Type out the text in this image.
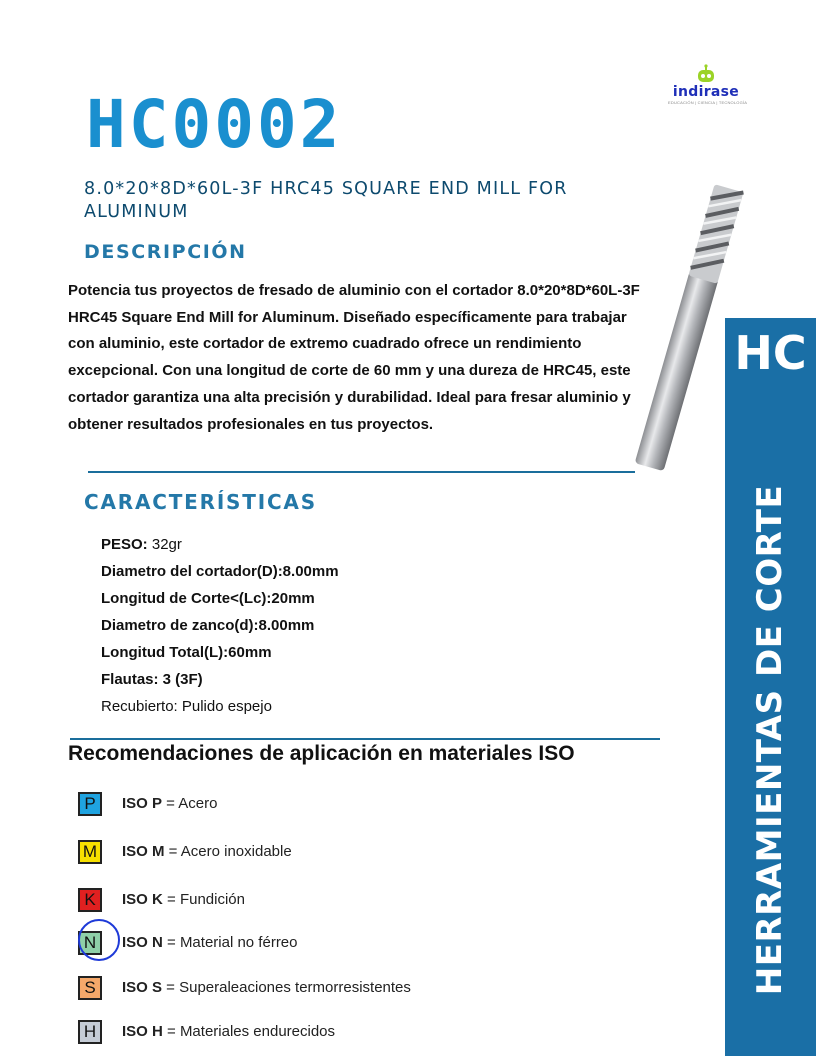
indirase
EDUCACIÓN | CIENCIA | TECNOLOGÍA
HC0002
8.0*20*8D*60L-3F HRC45 SQUARE END MILL FOR ALUMINUM
DESCRIPCIÓN

Potencia tus proyectos de fresado de aluminio con el cortador 8.0*20*8D*60L-3F HRC45 Square End Mill for Aluminum. Diseñado específicamente para trabajar con aluminio, este cortador de extremo cuadrado ofrece un rendimiento excepcional. Con una longitud de corte de 60 mm y una dureza de HRC45, este cortador garantiza una alta precisión y durabilidad. Ideal para fresar aluminio y obtener resultados profesionales en tus proyectos.

CARACTERÍSTICAS
PESO: 32gr
Diametro del cortador(D):8.00mm
Longitud de Corte<(Lc):20mm
Diametro de zanco(d):8.00mm
Longitud Total(L):60mm
Flautas: 3 (3F)
Recubierto: Pulido espejo
Recomendaciones de aplicación en materiales ISO
P	ISO P = Acero
M	ISO M = Acero inoxidable
K	ISO K = Fundición
N	ISO N = Material no férreo
S	ISO S = Superaleaciones termorresistentes
H	ISO H = Materiales endurecidos
HC
HERRAMIENTAS DE CORTE
